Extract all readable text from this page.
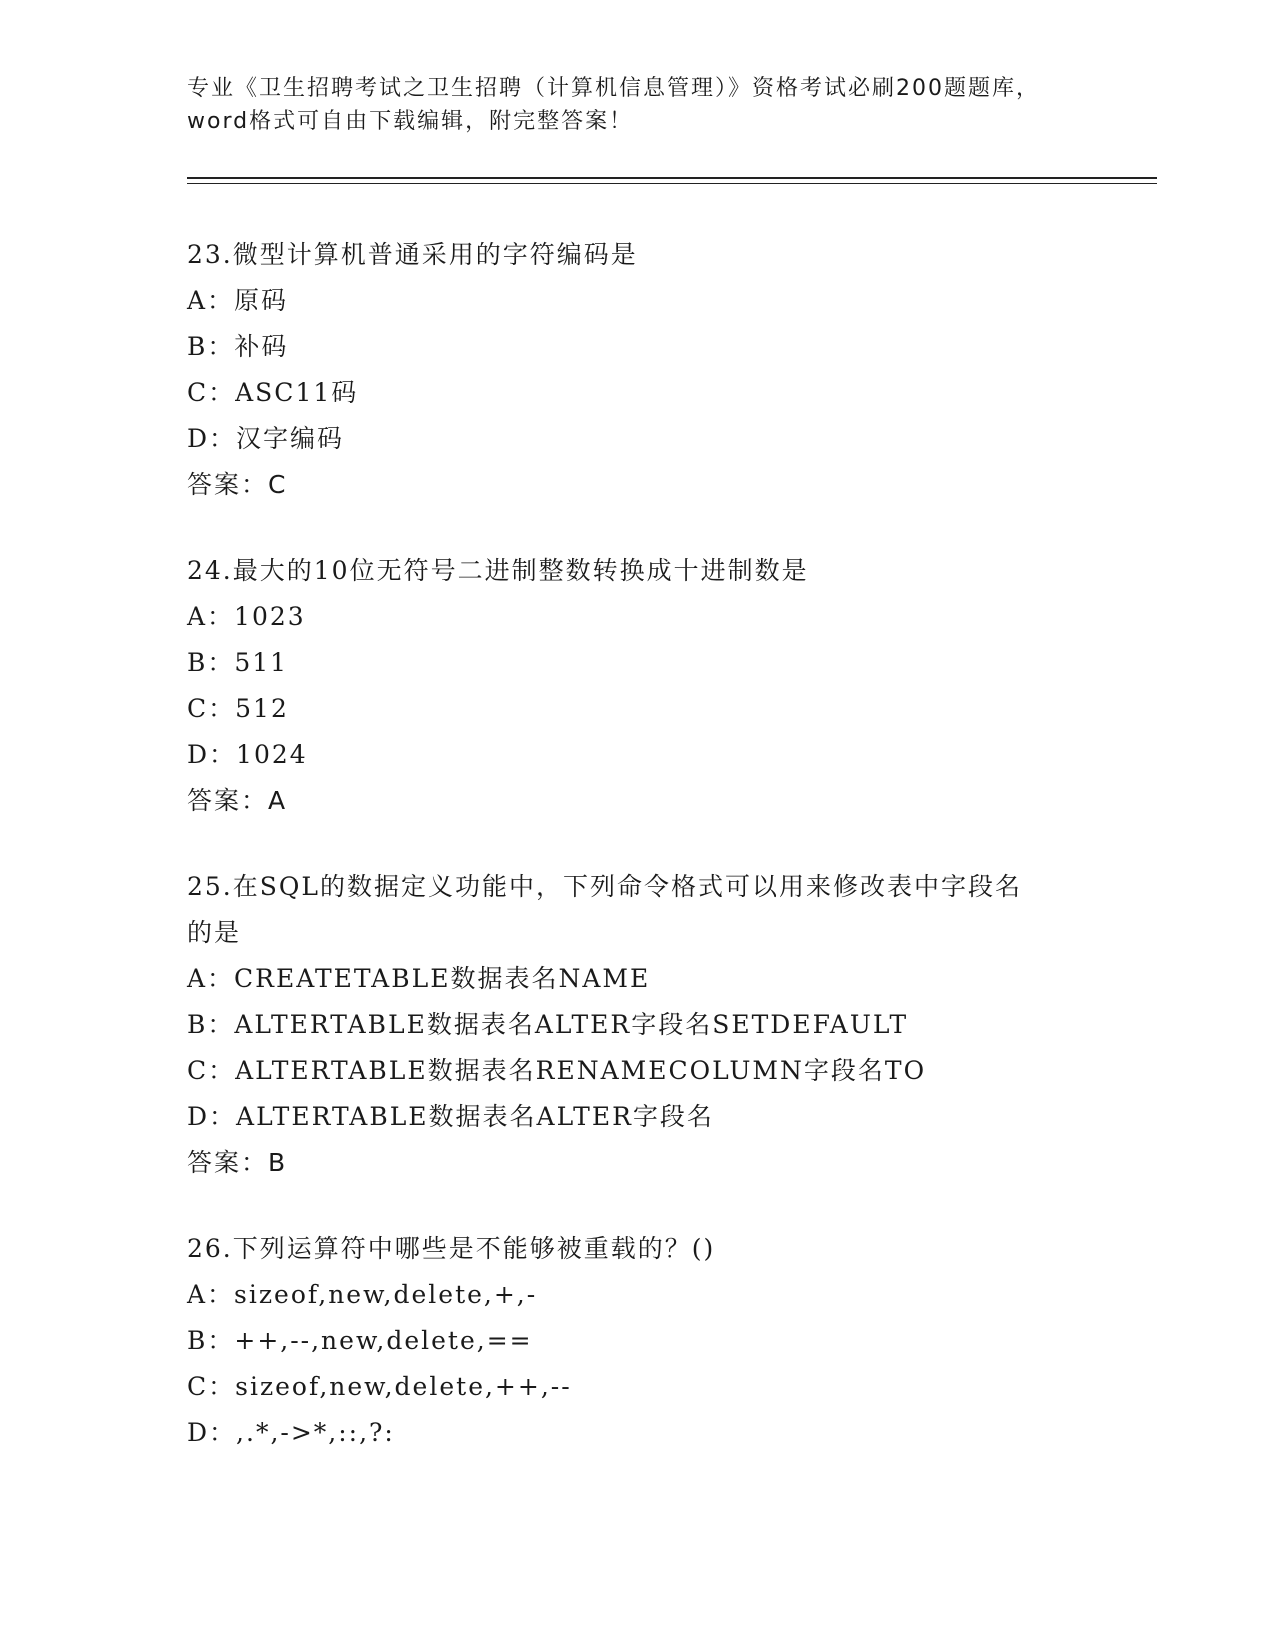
专业《卫生招聘考试之卫生招聘（计算机信息管理）》资格考试必刷200题题库，

word格式可自由下载编辑，附完整答案！

23.微型计算机普通采用的字符编码是

A：原码

B：补码

C：ASC11码

D：汉字编码

答案：C

24.最大的10位无符号二进制整数转换成十进制数是

A：1023

B：511

C：512

D：1024

答案：A

25.在SQL的数据定义功能中，下列命令格式可以用来修改表中字段名

的是

A：CREATETABLE数据表名NAME

B：ALTERTABLE数据表名ALTER字段名SETDEFAULT

C：ALTERTABLE数据表名RENAMECOLUMN字段名TO

D：ALTERTABLE数据表名ALTER字段名

答案：B

26.下列运算符中哪些是不能够被重载的？()

A：sizeof,new,delete,+,-

B：++,--,new,delete,==

C：sizeof,new,delete,++,--

D：,.*,->*,::,?:
